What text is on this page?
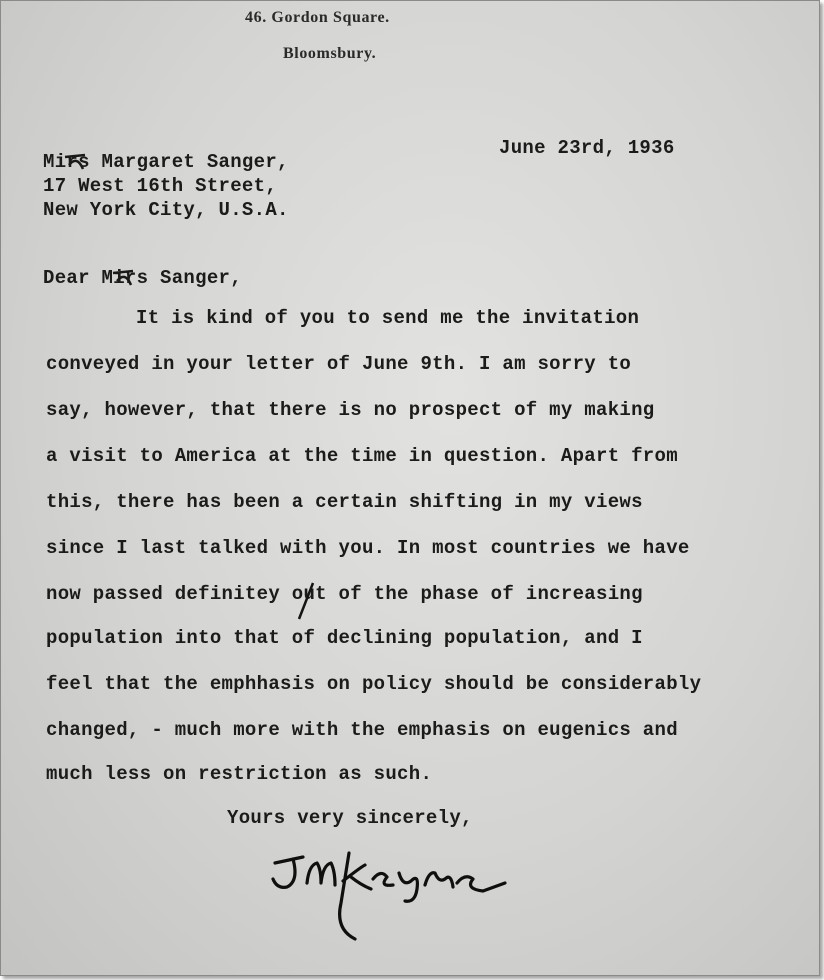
46. Gordon Square.

Bloomsbury.

June 23rd, 1936

Mi​rs Margaret Sanger,

17 West 16th Street,

New York City, U.S.A.

Dear Mi​rs Sanger,

It is kind of you to send me the invitation

conveyed in your letter of June 9th. I am sorry to

say, however, that there is no prospect of my making

a visit to America at the time in question. Apart from

this, there has been a certain shifting in my views

since I last talked with you. In most countries we have

now passed definitey out of the phase of increasing

population into that of declining population, and I

feel that the emphhasis on policy should be considerably

changed, - much more with the emphasis on eugenics and

much less on restriction as such.

Yours very sincerely,
